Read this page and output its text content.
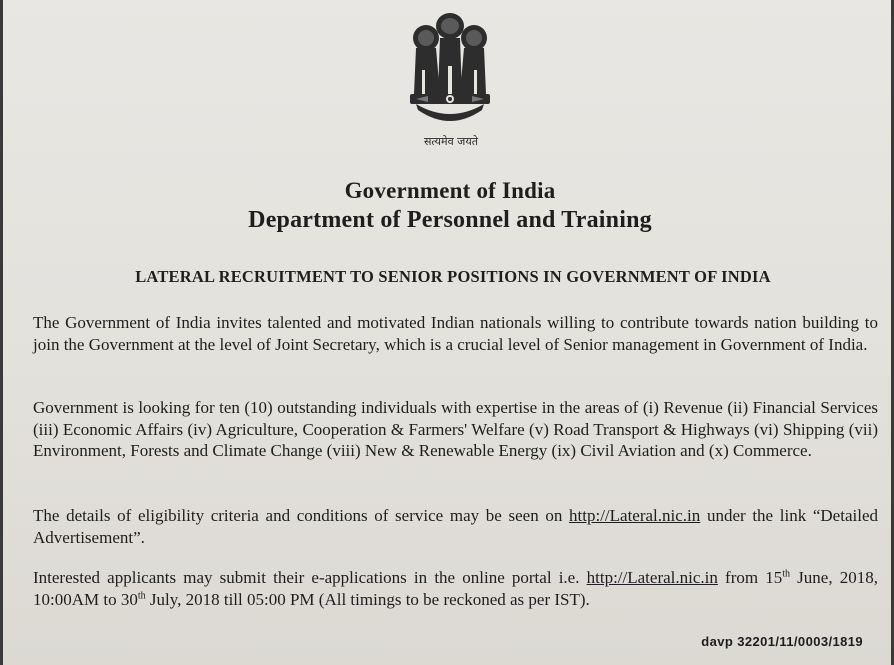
सत्यमेव जयते
Government of India
Department of Personnel and Training
LATERAL RECRUITMENT TO SENIOR POSITIONS IN GOVERNMENT OF INDIA

The Government of India invites talented and motivated Indian nationals willing to contribute towards nation building to join the Government at the level of Joint Secretary, which is a crucial level of Senior management in Government of India.

Government is looking for ten (10) outstanding individuals with expertise in the areas of (i) Revenue (ii) Financial Services (iii) Economic Affairs (iv) Agriculture, Cooperation & Farmers' Welfare (v) Road Transport & Highways (vi) Shipping (vii) Environment, Forests and Climate Change (viii) New & Renewable Energy (ix) Civil Aviation and (x) Commerce.

The details of eligibility criteria and conditions of service may be seen on http://Lateral.nic.in under the link “Detailed Advertisement”.

Interested applicants may submit their e-applications in the online portal i.e. http://Lateral.nic.in from 15th June, 2018, 10:00AM to 30th July, 2018 till 05:00 PM (All timings to be reckoned as per IST).

davp 32201/11/0003/1819
